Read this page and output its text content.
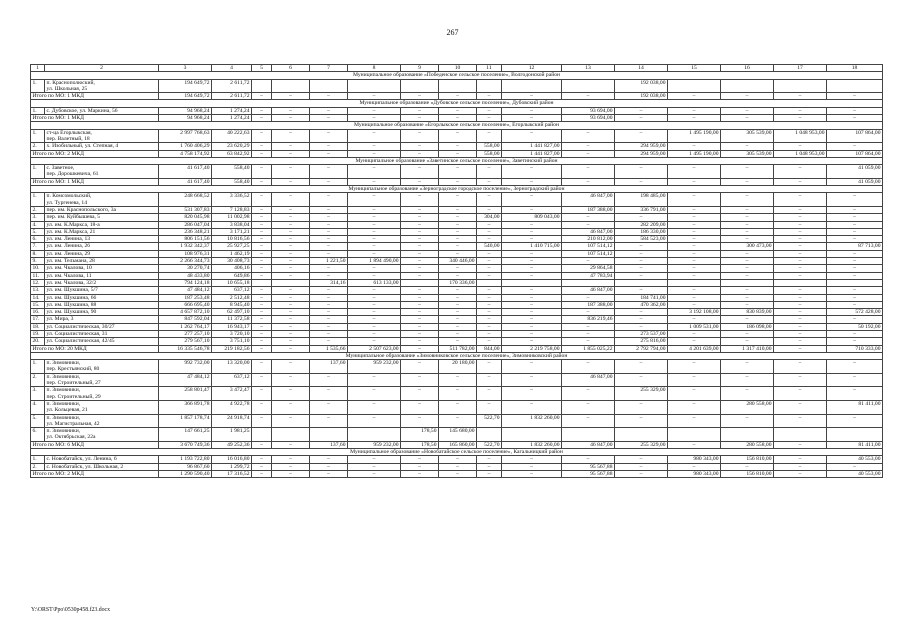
267
1	2	3	4	5	6	7	8	9	10	11	12	13	14	15	16	17	18
Муниципальное образование «Победенское сельское поселение», Волгодонской район																	
1.	п. Краснополюский,
ул. Школьная, 25	194 649,72	2 611,72										192 038,00				
Итого по МО: 1 МКД		194 649,72	2 611,72	–	–	–	–	–	–	–	–	–	192 038,00	–	–	–	–
Муниципальное образование «Дубовское сельское поселение», Дубовский район																	
1.	с. Дубовское, ул. Маркина, 56	94 968,24	1 274,24	–	–	–	–	–	–	–	–	93 694,00	–	–	–	–	–
Итого по МО: 1 МКД		94 968,24	1 274,24	–	–	–	–	–	–	–	–	93 694,00	–	–	–	–	–
Муниципальное образование «Егорлыкское сельское поселение», Егорлыкский район																	
1.	ст-ца Егорлыкская,
пер. Валетный, 18	2 997 768,63	40 222,63	–	–	–	–	–	–	–	–	–	–	1 495 190,00	305 539,00	1 048 953,00	107 864,00
2.	х. Изобильный, ул. Степная, 4	1 760 406,29	23 620,29	–	–	–	–	–	–	558,00	1 441 827,00	–	294 959,00	–	–	–	–
Итого по МО: 2 МКД		4 758 174,92	63 842,92	–	–	–	–	–	–	558,00	1 441 827,00	–	294 959,00	1 495 190,00	305 539,00	1 048 953,00	107 864,00
Муниципальное образование «Заветинское сельское поселение», Заветинский район																	
1.	с. Заветное,
пер. Дорошкевича, 61	41 617,40	558,40	–	–	–	–	–	–	–	–	–	–	–	–	–	41 059,00
Итого по МО: 1 МКД		41 617,40	558,40	–	–	–	–	–	–	–	–	–	–	–	–	–	41 059,00
Муниципальное образование «Зерноградское городское поселение», Зерноградский район																	
1.	п. Комсомольский,
ул. Тургенева, 14	248 668,52	3 336,52	–	–	–	–	–	–	–	–	46 847,00	198 485,00	–	–	–	–
2.	пер. им. Краснопольского, 3а	531 307,83	7 128,83	–	–	–	–	–	–	–	–	187 388,00	336 791,00	–	–	–	–
3.	пер. им. Куйбышева, 5	820 045,98	11 002,98	–	–	–	–	–	–	304,00	809 043,00	–	–	–	–	–	–
4.	ул. им. К.Маркса, 18-а	286 047,04	3 838,04	–	–	–	–	–	–	–	–	–	282 209,00	–	–	–	–
5.	ул. им. К.Маркса, 21	236 348,21	3 171,21	–	–	–	–	–	–	–	–	46 847,00	186 330,00	–	–	–	–
6.	ул. им. Ленина, 13	806 151,56	10 816,56	–	–	–	–	–	–	–	–	210 812,00	584 523,00	–	–	–	–
7.	ул. им. Ленина, 26	1 932 342,37	25 927,25	–	–	–	–	–	–	540,00	1 410 715,00	107 514,12	–	–	300 473,00	–	87 713,00
8.	ул. им. Ленина, 29	108 976,31	1 462,19	–	–	–	–	–	–	–	–	107 514,12	–	–	–	–	–
9.	ул. им. Тельмана, 28	2 266 344,73	30 408,73	–	–	1 221,50	1 894 490,00	–	340 446,00	–	–	–	–	–	–	–	–
10.	ул. им. Чкалова, 10	30 270,74	406,16	–	–	–	–	–	–	–	–	29 864,58	–	–	–	–	–
11.	ул. им. Чкалова, 11	48 433,80	649,86	–	–	–	–	–	–	–	–	47 783,94	–	–	–	–	–
12.	ул. им. Чкалова, 32/2	794 124,18	10 655,18			314,16	613 133,00		170 336,00								
13.	ул. им. Шукшина, 5/7	47 484,12	637,12	–	–	–	–	–	–	–	–	46 847,00	–	–	–	–	–
14.	ул. им. Шукшина, 66	187 253,48	2 512,48	–	–	–	–	–	–	–	–	–	184 741,00	–	–	–	–
15.	ул. им. Шукшина, 88	666 695,40	8 945,40	–	–	–	–	–	–	–	–	187 388,00	470 362,00	–	–	–	–
16.	ул. им. Шукшина, 90	4 657 872,10	62 497,10	–	–	–	–	–	–	–	–	–	–	3 192 108,00	830 839,00	–	572 428,00
17.	ул. Мира, 3	847 592,04	11 372,58	–	–	–	–	–	–	–	–	836 219,46	–	–	–	–	–
18.	ул. Социалистическая, 30/27	1 262 764,17	16 943,17	–	–	–	–	–	–	–	–	–	–	1 009 531,00	186 098,00	–	50 192,00
19.	ул. Социалистическая, 31	277 257,10	3 720,10	–	–	–	–	–	–	–	–	–	273 537,00	–	–	–	–
20.	ул. Социалистическая, 42/45	279 567,10	3 751,10	–	–	–	–	–	–	–	–	–	275 816,00	–	–	–	–
Итого по МО: 20 МКД		16 335 546,78	219 182,56	–	–	1 535,66	2 507 623,00	–	511 782,00	844,00	2 219 758,00	1 855 025,22	2 792 794,00	4 201 639,00	1 317 410,00	–	710 333,00
Муниципальное образование «Зимовниковское сельское поселение», Зимовниковский район																	
1.	п. Зимовники,
пер. Крестьянский, 80	992 732,00	13 320,00	–	–	137,60	959 232,00	–	20 180,00	–	–	–	–	–	–	–	–
2.	п. Зимовники,
пер. Строительный, 27	47 484,12	637,12	–	–	–	–	–	–	–	–	46 847,00	–	–	–	–	–
3.	п. Зимовники,
пер. Строительный, 29	258 801,47	3 472,47	–	–	–	–	–	–	–	–	–	255 329,00	–	–	–	–
4.	п. Зимовники,
ул. Кольцевая, 21	366 891,78	4 922,78	–	–	–	–	–	–	–	–	–	–	–	280 558,00	–	81 411,00
5.	п. Зимовники,
ул. Магистральная, 42	1 857 178,74	24 918,74	–	–	–	–	–	–	522,70	1 832 260,00	–	–	–	–	–	–
6.	п. Зимовники,
ул. Октябрьская, 22а	147 661,25	1 981,25					178,50	145 680,00								
Итого по МО: 6 МКД		3 670 749,36	49 252,36	–	–	137,60	959 232,00	178,50	165 860,00	522,70	1 832 260,00	46 847,00	255 329,00	–	280 558,00	–	81 411,00
Муниципальное образование «Новобатайское сельское поселение», Кагальницкий район																	
1.	с. Новобатайск, ул. Ленина, 6	1 193 722,80	16 016,80	–	–	–	–	–	–	–	–	–	–	980 343,00	156 810,00	–	40 553,00
2.	с. Новобатайск, ул. Школьная, 2	96 867,60	1 299,72	–	–	–	–	–	–	–	–	95 567,88	–	–	–	–	–
Итого по МО: 2 МКД		1 290 590,40	17 316,52	–	–	–	–	–	–	–	–	95 567,88	–	980 343,00	156 810,00	–	40 553,00
Y:\ORST\Ppo\0530p458.f23.docx
